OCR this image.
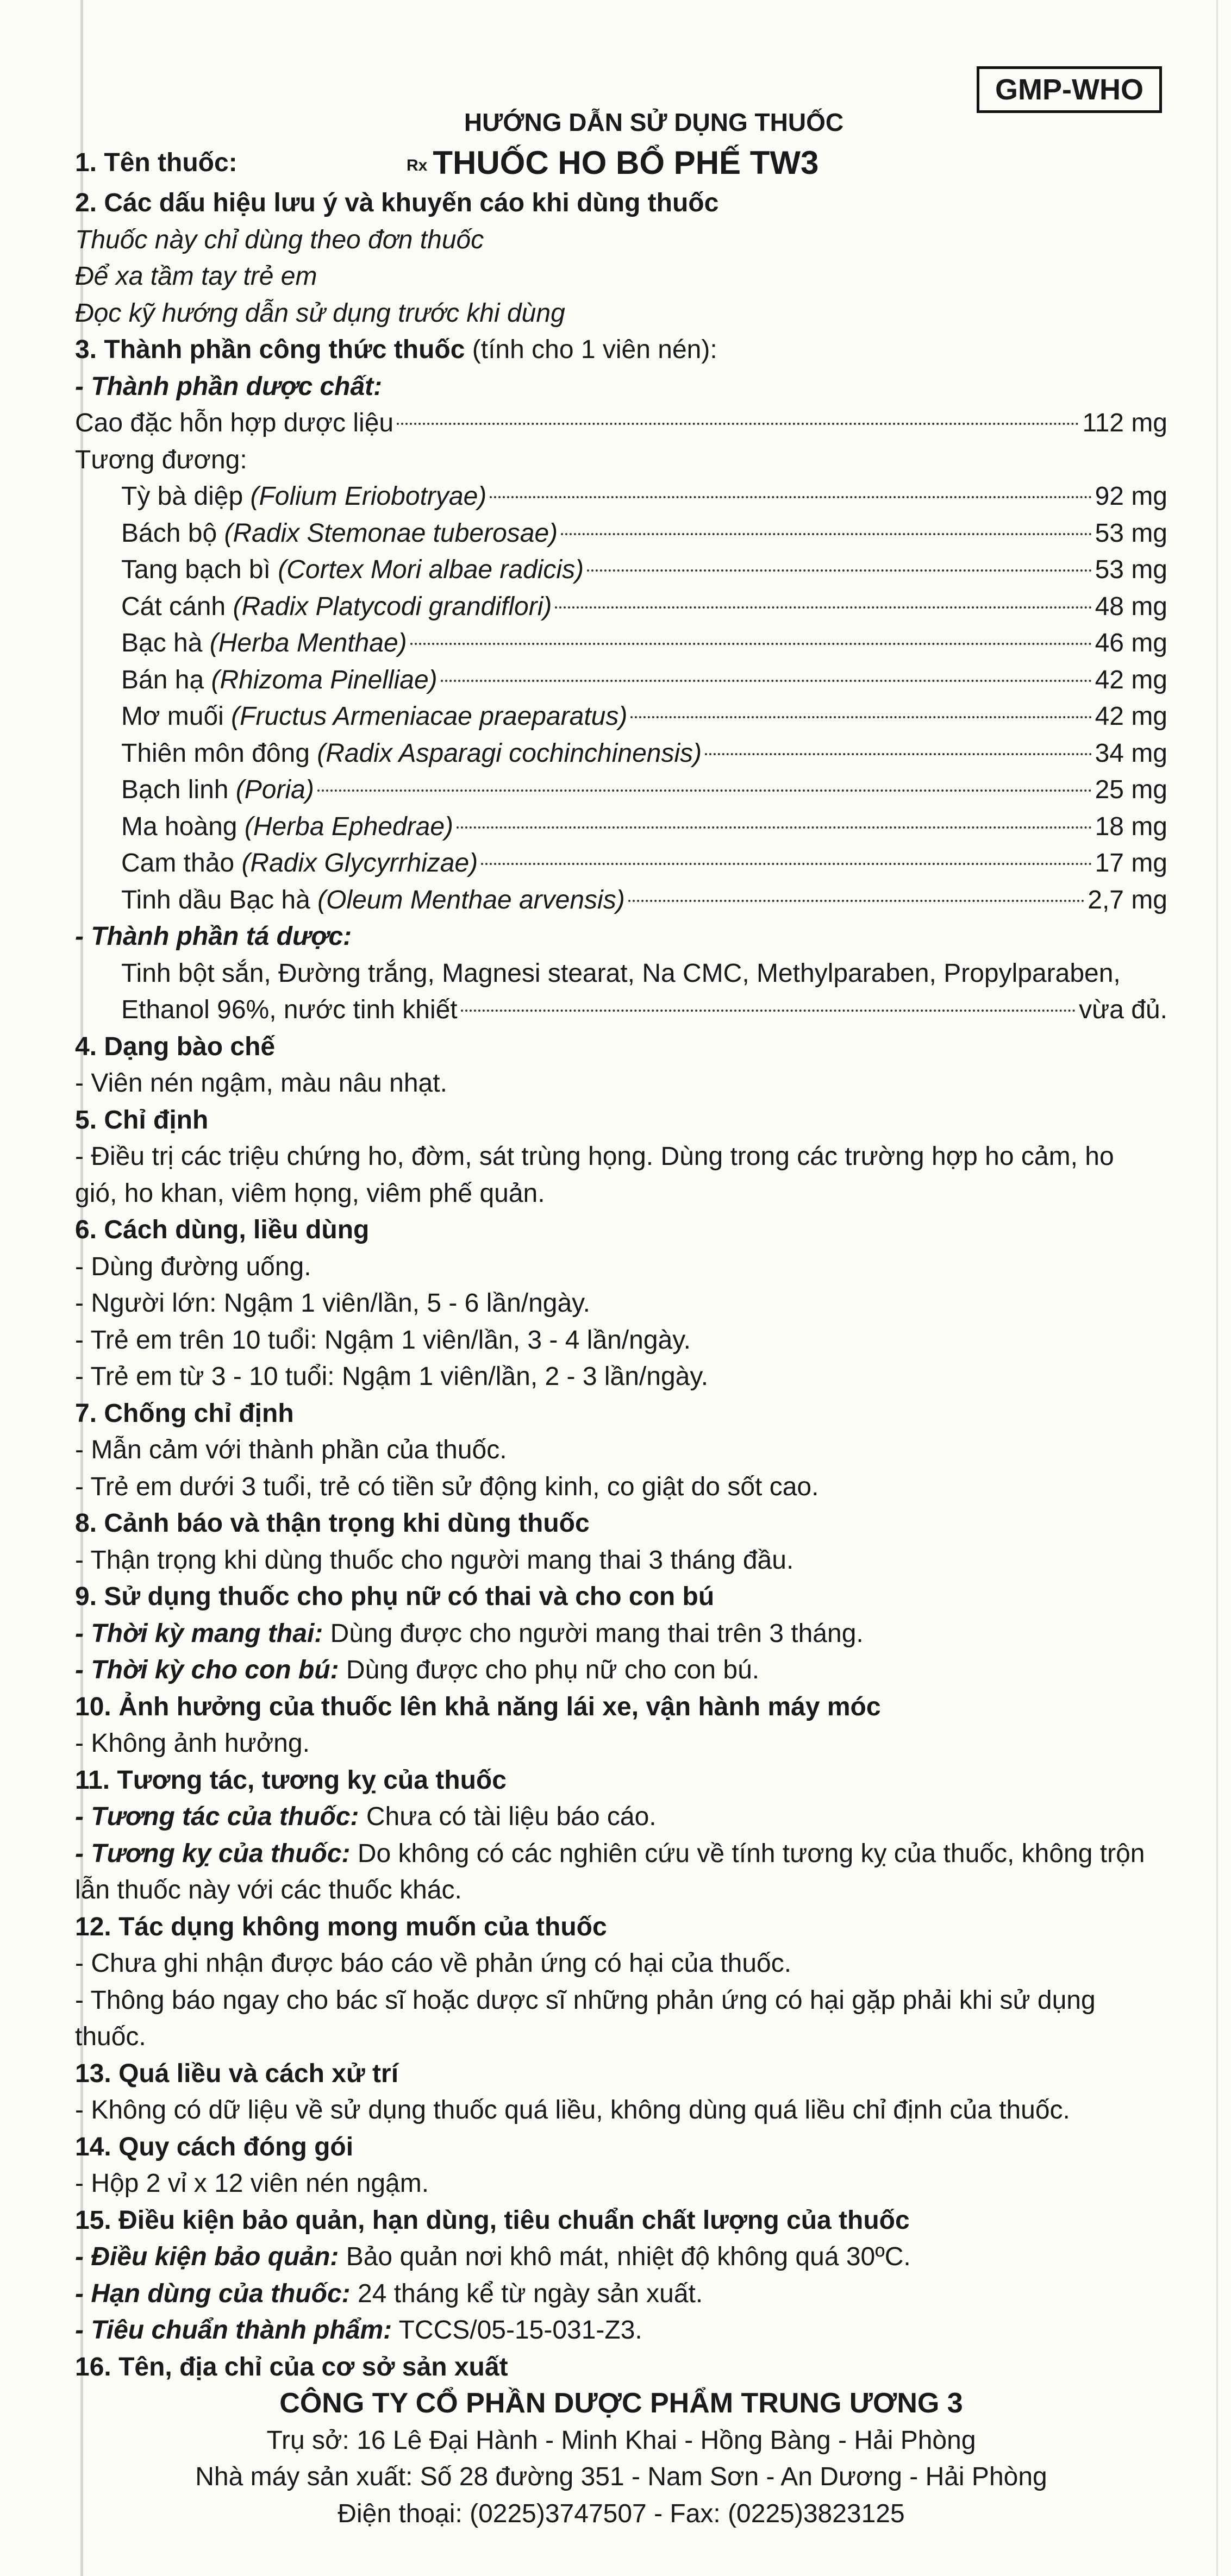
GMP-WHO
HƯỚNG DẪN SỬ DỤNG THUỐC
1. Tên thuốc:	Rx THUỐC HO BỔ PHẾ TW3
2. Các dấu hiệu lưu ý và khuyến cáo khi dùng thuốc
Thuốc này chỉ dùng theo đơn thuốc
Để xa tầm tay trẻ em
Đọc kỹ hướng dẫn sử dụng trước khi dùng
3. Thành phần công thức thuốc (tính cho 1 viên nén):
- Thành phần dược chất:
Cao đặc hỗn hợp dược liệu	112 mg
Tương đương:
Tỳ bà diệp (Folium Eriobotryae)	92 mg
Bách bộ (Radix Stemonae tuberosae)	53 mg
Tang bạch bì (Cortex Mori albae radicis)	53 mg
Cát cánh (Radix Platycodi grandiflori)	48 mg
Bạc hà (Herba Menthae)	46 mg
Bán hạ (Rhizoma Pinelliae)	42 mg
Mơ muối (Fructus Armeniacae praeparatus)	42 mg
Thiên môn đông (Radix Asparagi cochinchinensis)	34 mg
Bạch linh (Poria)	25 mg
Ma hoàng (Herba Ephedrae)	18 mg
Cam thảo (Radix Glycyrrhizae)	17 mg
Tinh dầu Bạc hà (Oleum Menthae arvensis)	2,7 mg
- Thành phần tá dược:
Tinh bột sắn, Đường trắng, Magnesi stearat, Na CMC, Methylparaben, Propylparaben,
Ethanol 96%, nước tinh khiết	vừa đủ.
4. Dạng bào chế
- Viên nén ngậm, màu nâu nhạt.
5. Chỉ định
- Điều trị các triệu chứng ho, đờm, sát trùng họng. Dùng trong các trường hợp ho cảm, ho
gió, ho khan, viêm họng, viêm phế quản.
6. Cách dùng, liều dùng
- Dùng đường uống.
- Người lớn: Ngậm 1 viên/lần, 5 - 6 lần/ngày.
- Trẻ em trên 10 tuổi: Ngậm 1 viên/lần, 3 - 4 lần/ngày.
- Trẻ em từ 3 - 10 tuổi: Ngậm 1 viên/lần, 2 - 3 lần/ngày.
7. Chống chỉ định
- Mẫn cảm với thành phần của thuốc.
- Trẻ em dưới 3 tuổi, trẻ có tiền sử động kinh, co giật do sốt cao.
8. Cảnh báo và thận trọng khi dùng thuốc
- Thận trọng khi dùng thuốc cho người mang thai 3 tháng đầu.
9. Sử dụng thuốc cho phụ nữ có thai và cho con bú
- Thời kỳ mang thai: Dùng được cho người mang thai trên 3 tháng.
- Thời kỳ cho con bú: Dùng được cho phụ nữ cho con bú.
10. Ảnh hưởng của thuốc lên khả năng lái xe, vận hành máy móc
- Không ảnh hưởng.
11. Tương tác, tương kỵ của thuốc
- Tương tác của thuốc: Chưa có tài liệu báo cáo.
- Tương kỵ của thuốc: Do không có các nghiên cứu về tính tương kỵ của thuốc, không trộn
lẫn thuốc này với các thuốc khác.
12. Tác dụng không mong muốn của thuốc
- Chưa ghi nhận được báo cáo về phản ứng có hại của thuốc.
- Thông báo ngay cho bác sĩ hoặc dược sĩ những phản ứng có hại gặp phải khi sử dụng
thuốc.
13. Quá liều và cách xử trí
- Không có dữ liệu về sử dụng thuốc quá liều, không dùng quá liều chỉ định của thuốc.
14. Quy cách đóng gói
- Hộp 2 vỉ x 12 viên nén ngậm.
15. Điều kiện bảo quản, hạn dùng, tiêu chuẩn chất lượng của thuốc
- Điều kiện bảo quản: Bảo quản nơi khô mát, nhiệt độ không quá 30ºC.
- Hạn dùng của thuốc: 24 tháng kể từ ngày sản xuất.
- Tiêu chuẩn thành phẩm: TCCS/05-15-031-Z3.
16. Tên, địa chỉ của cơ sở sản xuất
CÔNG TY CỔ PHẦN DƯỢC PHẨM TRUNG ƯƠNG 3
Trụ sở: 16 Lê Đại Hành - Minh Khai - Hồng Bàng - Hải Phòng
Nhà máy sản xuất: Số 28 đường 351 - Nam Sơn - An Dương - Hải Phòng
Điện thoại: (0225)3747507 - Fax: (0225)3823125
